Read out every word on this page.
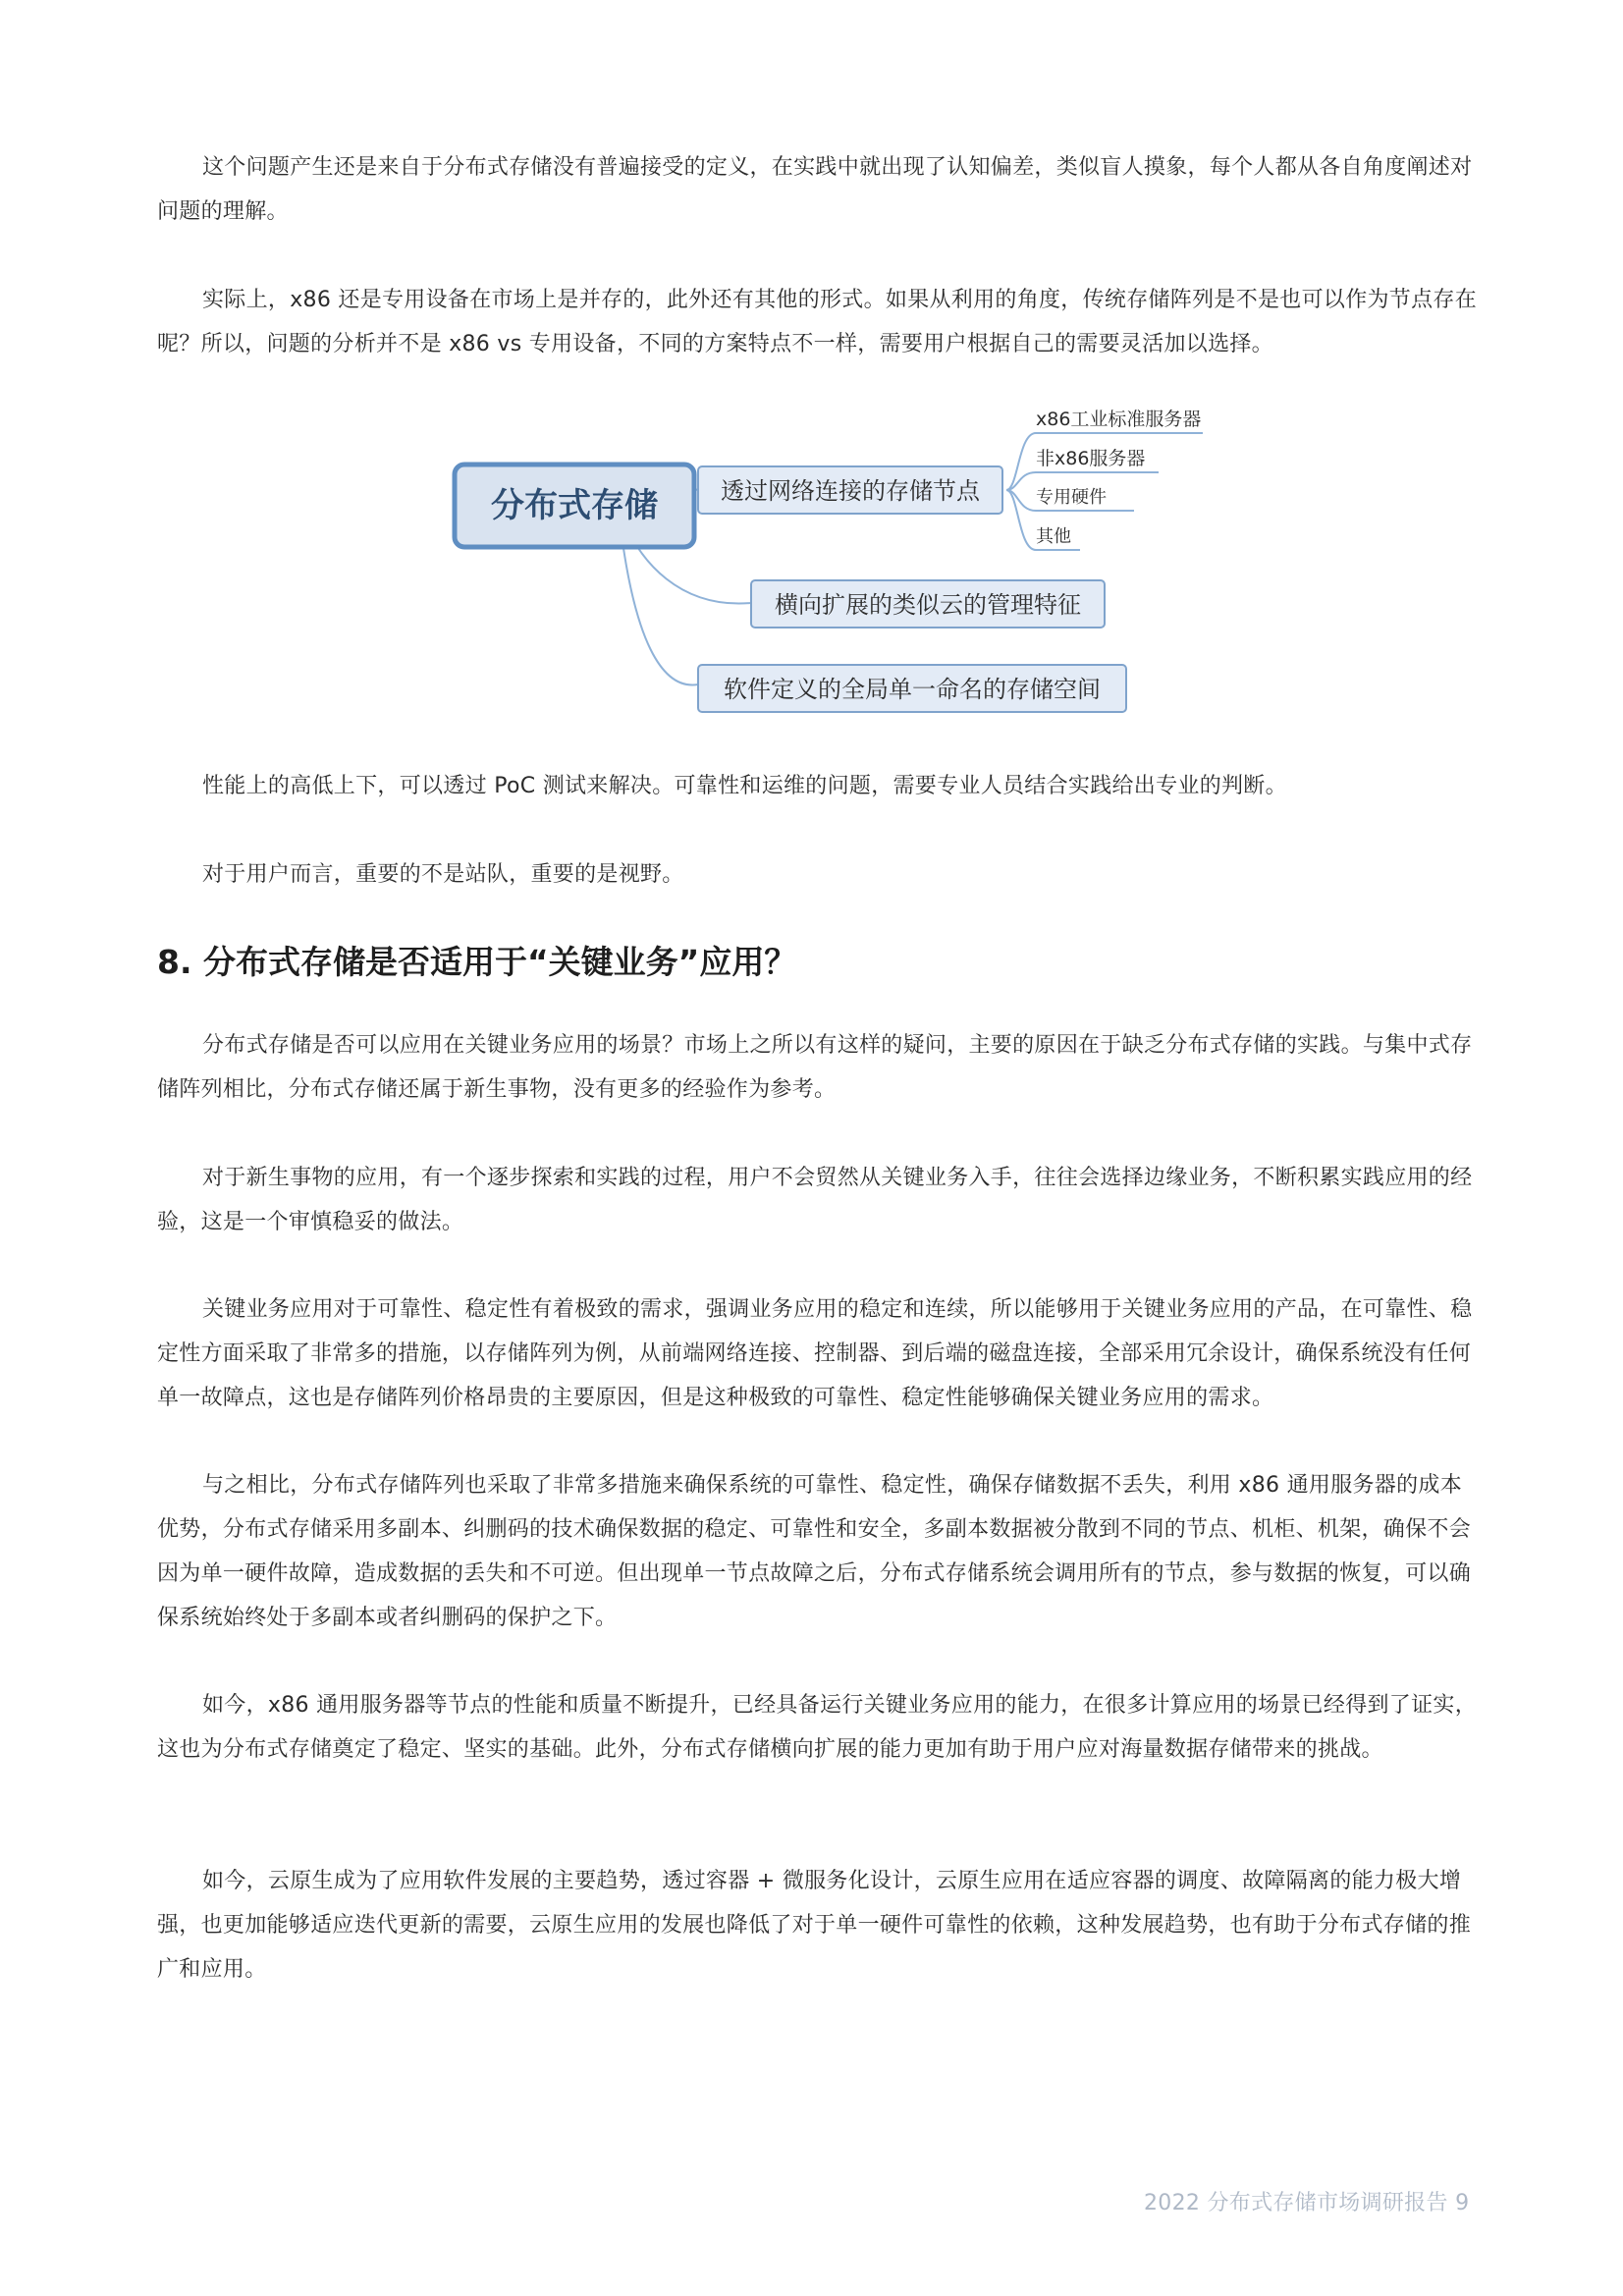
这个问题产生还是来自于分布式存储没有普遍接受的定义，在实践中就出现了认知偏差，类似盲人摸象，每个人都从各自角度阐述对问题的理解。

实际上，x86 还是专用设备在市场上是并存的，此外还有其他的形式。如果从利用的角度，传统存储阵列是不是也可以作为节点存在呢？所以，问题的分析并不是 x86 vs 专用设备，不同的方案特点不一样，需要用户根据自己的需要灵活加以选择。

分布式存储	透过网络连接的存储节点
横向扩展的类似云的管理特征
软件定义的全局单一命名的存储空间
x86工业标准服务器
非x86服务器
专用硬件
其他

性能上的高低上下，可以透过 PoC 测试来解决。可靠性和运维的问题，需要专业人员结合实践给出专业的判断。

对于用户而言，重要的不是站队，重要的是视野。

8. 分布式存储是否适用于“关键业务”应用？

分布式存储是否可以应用在关键业务应用的场景？市场上之所以有这样的疑问，主要的原因在于缺乏分布式存储的实践。与集中式存储阵列相比，分布式存储还属于新生事物，没有更多的经验作为参考。

对于新生事物的应用，有一个逐步探索和实践的过程，用户不会贸然从关键业务入手，往往会选择边缘业务，不断积累实践应用的经验，这是一个审慎稳妥的做法。

关键业务应用对于可靠性、稳定性有着极致的需求，强调业务应用的稳定和连续，所以能够用于关键业务应用的产品，在可靠性、稳定性方面采取了非常多的措施，以存储阵列为例，从前端网络连接、控制器、到后端的磁盘连接，全部采用冗余设计，确保系统没有任何单一故障点，这也是存储阵列价格昂贵的主要原因，但是这种极致的可靠性、稳定性能够确保关键业务应用的需求。

与之相比，分布式存储阵列也采取了非常多措施来确保系统的可靠性、稳定性，确保存储数据不丢失，利用 x86 通用服务器的成本优势，分布式存储采用多副本、纠删码的技术确保数据的稳定、可靠性和安全，多副本数据被分散到不同的节点、机柜、机架，确保不会因为单一硬件故障，造成数据的丢失和不可逆。但出现单一节点故障之后，分布式存储系统会调用所有的节点，参与数据的恢复，可以确保系统始终处于多副本或者纠删码的保护之下。

如今，x86 通用服务器等节点的性能和质量不断提升，已经具备运行关键业务应用的能力，在很多计算应用的场景已经得到了证实，这也为分布式存储奠定了稳定、坚实的基础。此外，分布式存储横向扩展的能力更加有助于用户应对海量数据存储带来的挑战。

如今，云原生成为了应用软件发展的主要趋势，透过容器 + 微服务化设计，云原生应用在适应容器的调度、故障隔离的能力极大增强，也更加能够适应迭代更新的需要，云原生应用的发展也降低了对于单一硬件可靠性的依赖，这种发展趋势，也有助于分布式存储的推广和应用。

2022 分布式存储市场调研报告 9
